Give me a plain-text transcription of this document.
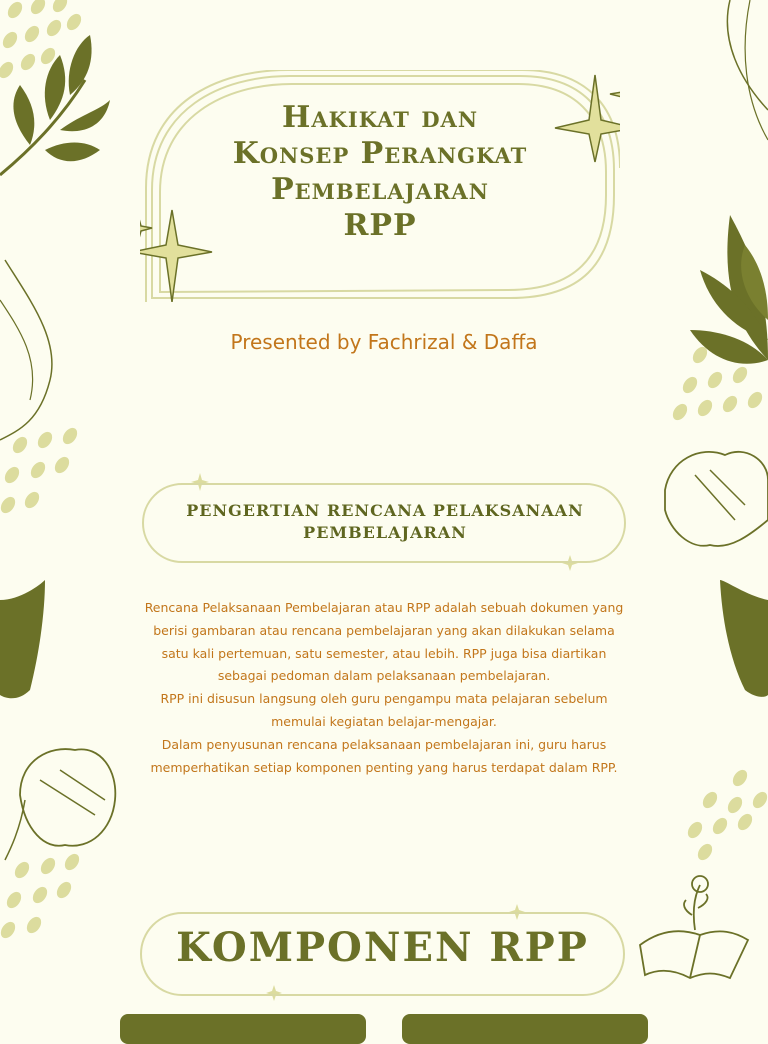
Hakikat dan Konsep Perangkat Pembelajaran RPP

Presented by Fachrizal & Daffa

PENGERTIAN RENCANA PELAKSANAAN PEMBELAJARAN

Rencana Pelaksanaan Pembelajaran atau RPP adalah sebuah dokumen yang berisi gambaran atau rencana pembelajaran yang akan dilakukan selama satu kali pertemuan, satu semester, atau lebih. RPP juga bisa diartikan sebagai pedoman dalam pelaksanaan pembelajaran.

RPP ini disusun langsung oleh guru pengampu mata pelajaran sebelum memulai kegiatan belajar-mengajar.

Dalam penyusunan rencana pelaksanaan pembelajaran ini, guru harus memperhatikan setiap komponen penting yang harus terdapat dalam RPP.

KOMPONEN RPP
